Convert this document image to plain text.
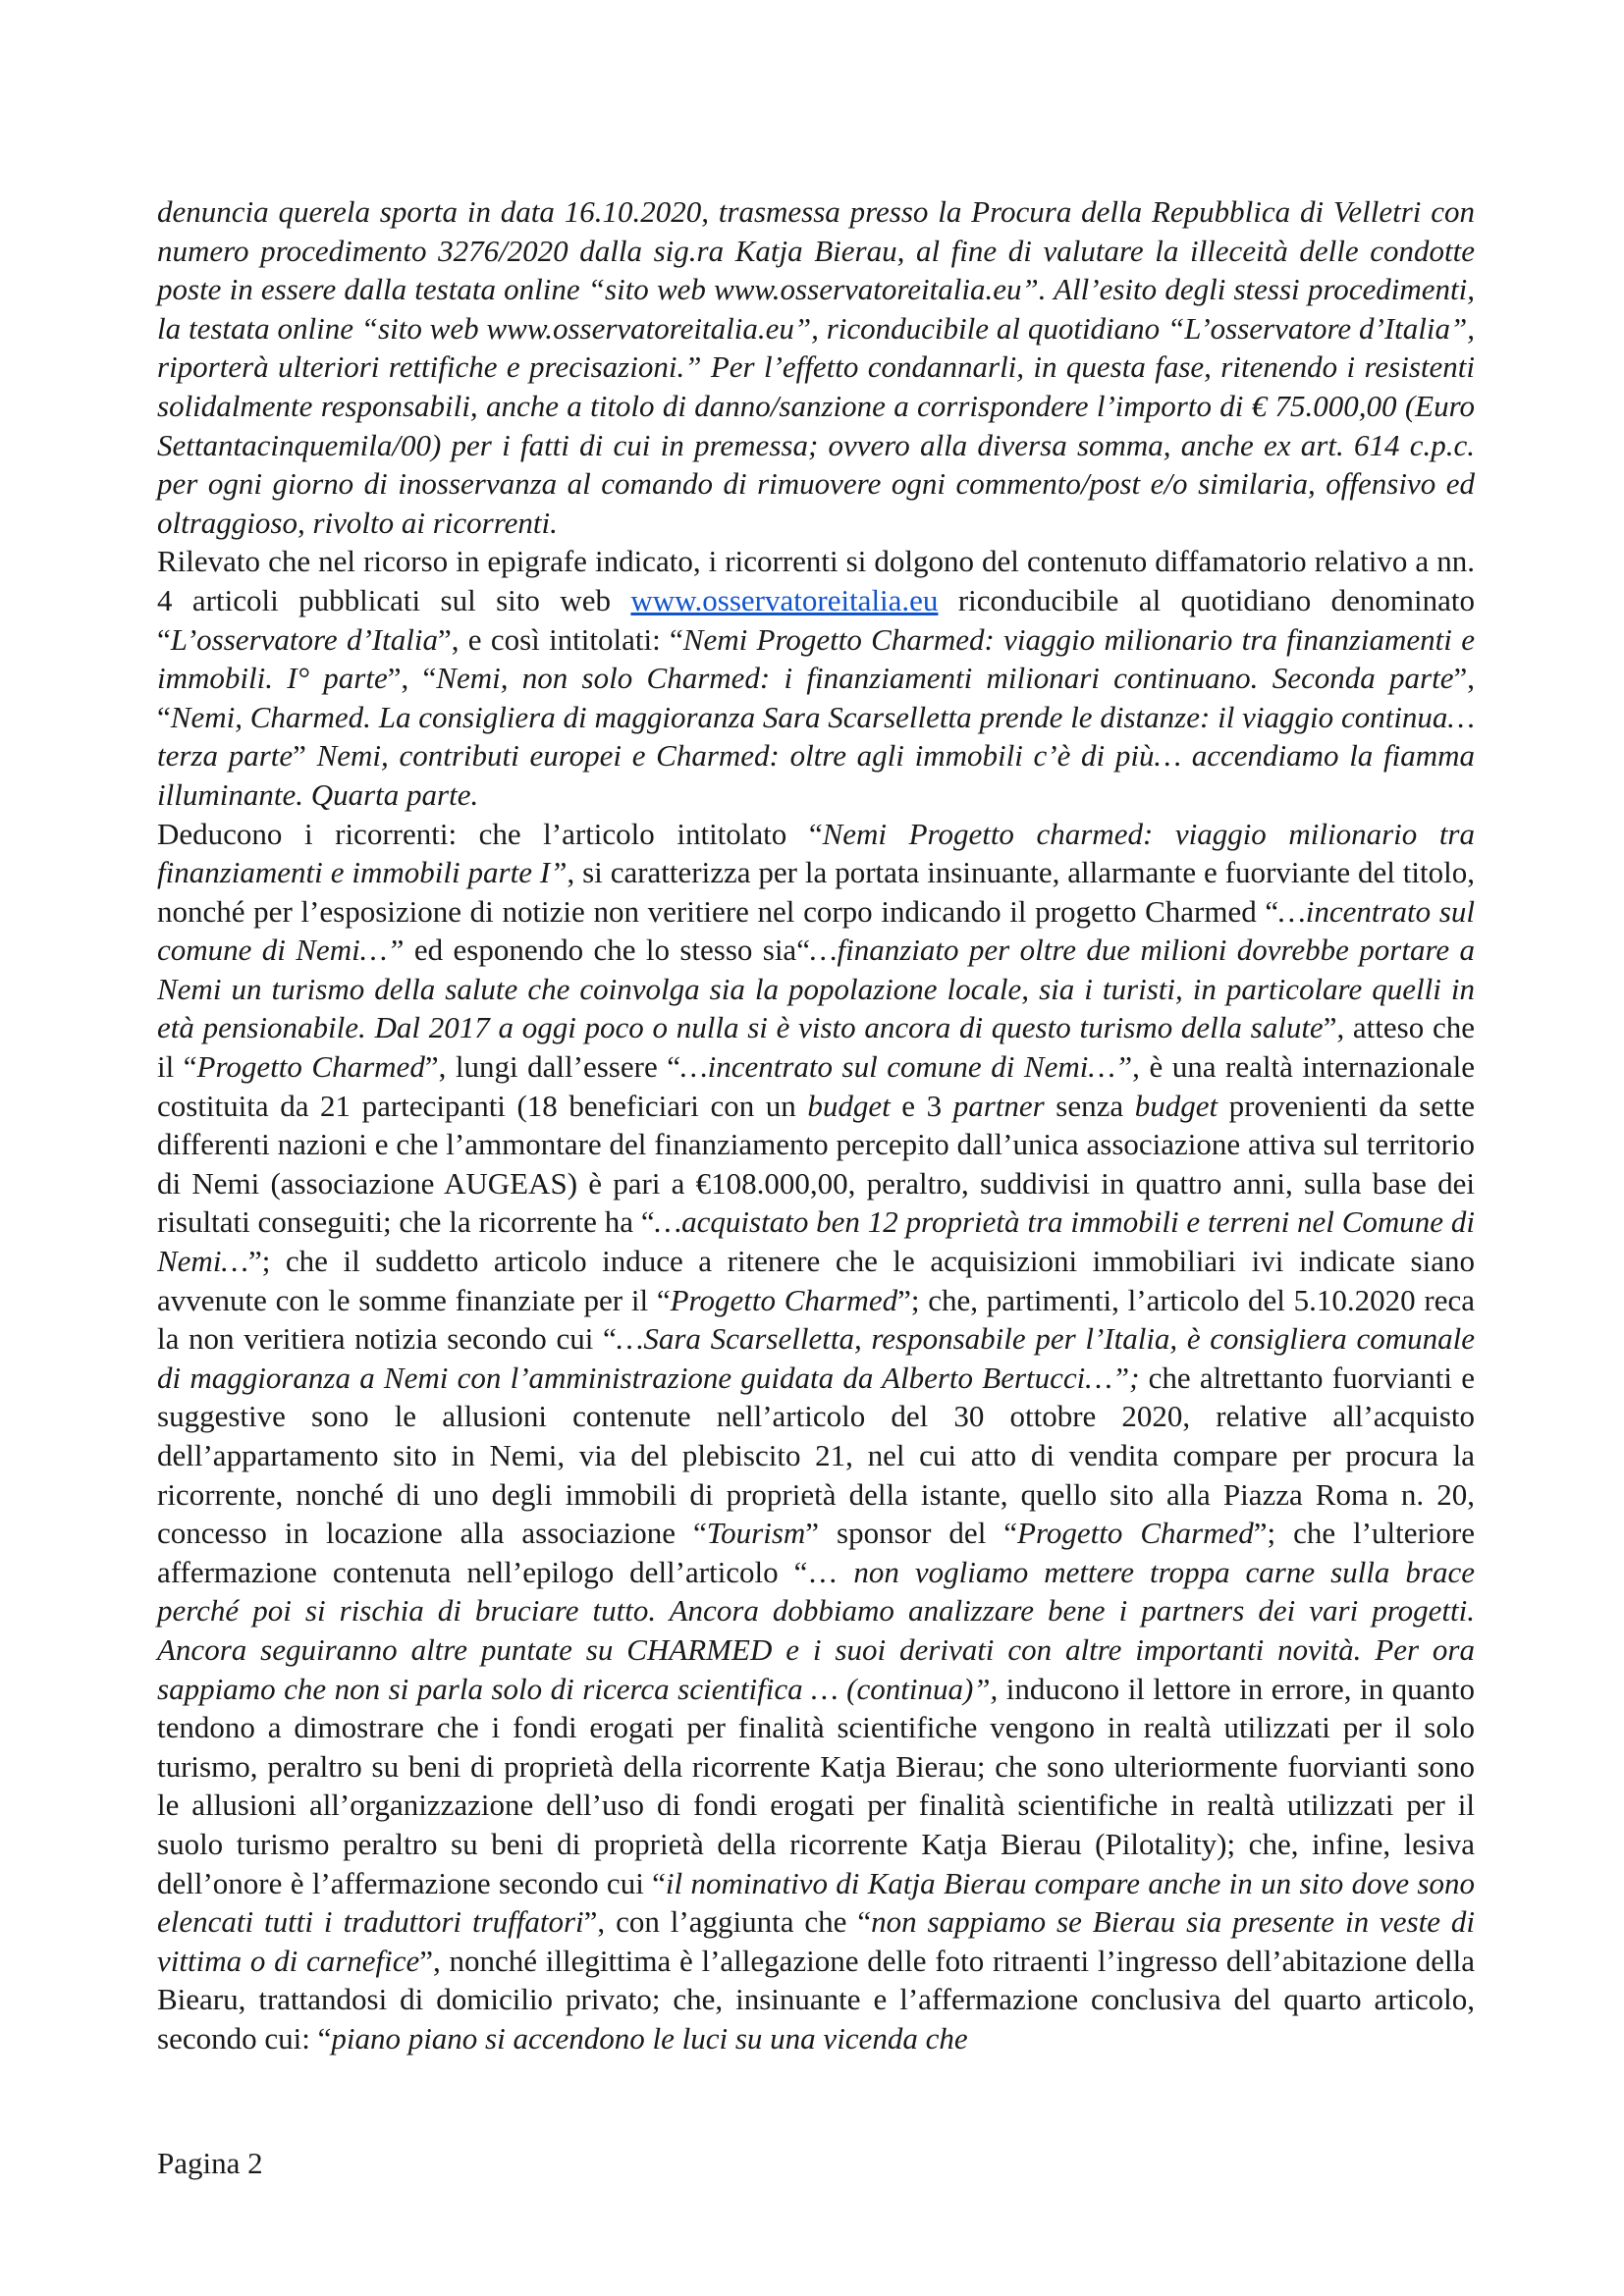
denuncia querela sporta in data 16.10.2020, trasmessa presso la Procura della Repubblica di Velletri con numero procedimento 3276/2020 dalla sig.ra Katja Bierau, al fine di valutare la illeceità delle condotte poste in essere dalla testata online “sito web www.osservatoreitalia.eu”. All’esito degli stessi procedimenti, la testata online “sito web www.osservatoreitalia.eu”, riconducibile al quotidiano “L’osservatore d’Italia”, riporterà ulteriori rettifiche e precisazioni.” Per l’effetto condannarli, in questa fase, ritenendo i resistenti solidalmente responsabili, anche a titolo di danno/sanzione a corrispondere l’importo di € 75.000,00 (Euro Settantacinquemila/00) per i fatti di cui in premessa; ovvero alla diversa somma, anche ex art. 614 c.p.c. per ogni giorno di inosservanza al comando di rimuovere ogni commento/post e/o similaria, offensivo ed oltraggioso, rivolto ai ricorrenti.

Rilevato che nel ricorso in epigrafe indicato, i ricorrenti si dolgono del contenuto diffamatorio relativo a nn. 4 articoli pubblicati sul sito web www.osservatoreitalia.eu riconducibile al quotidiano denominato “L’osservatore d’Italia”, e così intitolati: “Nemi Progetto Charmed: viaggio milionario tra finanziamenti e immobili. I° parte”, “Nemi, non solo Charmed: i finanziamenti milionari continuano. Seconda parte”, “Nemi, Charmed. La consigliera di maggioranza Sara Scarselletta prende le distanze: il viaggio continua… terza parte” Nemi, contributi europei e Charmed: oltre agli immobili c’è di più… accendiamo la fiamma illuminante. Quarta parte.

Deducono i ricorrenti: che l’articolo intitolato “Nemi Progetto charmed: viaggio milionario tra finanziamenti e immobili parte I”, si caratterizza per la portata insinuante, allarmante e fuorviante del titolo, nonché per l’esposizione di notizie non veritiere nel corpo indicando il progetto Charmed “…incentrato sul comune di Nemi…” ed esponendo che lo stesso sia“…finanziato per oltre due milioni dovrebbe portare a Nemi un turismo della salute che coinvolga sia la popolazione locale, sia i turisti, in particolare quelli in età pensionabile. Dal 2017 a oggi poco o nulla si è visto ancora di questo turismo della salute”, atteso che il “Progetto Charmed”, lungi dall’essere “…incentrato sul comune di Nemi…”, è una realtà internazionale costituita da 21 partecipanti (18 beneficiari con un budget e 3 partner senza budget provenienti da sette differenti nazioni e che l’ammontare del finanziamento percepito dall’unica associazione attiva sul territorio di Nemi (associazione AUGEAS) è pari a €108.000,00, peraltro, suddivisi in quattro anni, sulla base dei risultati conseguiti; che la ricorrente ha “…acquistato ben 12 proprietà tra immobili e terreni nel Comune di Nemi…”; che il suddetto articolo induce a ritenere che le acquisizioni immobiliari ivi indicate siano avvenute con le somme finanziate per il “Progetto Charmed”; che, partimenti, l’articolo del 5.10.2020 reca la non veritiera notizia secondo cui “…Sara Scarselletta, responsabile per l’Italia, è consigliera comunale di maggioranza a Nemi con l’amministrazione guidata da Alberto Bertucci…”; che altrettanto fuorvianti e suggestive sono le allusioni contenute nell’articolo del 30 ottobre 2020, relative all’acquisto dell’appartamento sito in Nemi, via del plebiscito 21, nel cui atto di vendita compare per procura la ricorrente, nonché di uno degli immobili di proprietà della istante, quello sito alla Piazza Roma n. 20, concesso in locazione alla associazione “Tourism” sponsor del “Progetto Charmed”; che l’ulteriore affermazione contenuta nell’epilogo dell’articolo “… non vogliamo mettere troppa carne sulla brace perché poi si rischia di bruciare tutto. Ancora dobbiamo analizzare bene i partners dei vari progetti. Ancora seguiranno altre puntate su CHARMED e i suoi derivati con altre importanti novità. Per ora sappiamo che non si parla solo di ricerca scientifica … (continua)”, inducono il lettore in errore, in quanto tendono a dimostrare che i fondi erogati per finalità scientifiche vengono in realtà utilizzati per il solo turismo, peraltro su beni di proprietà della ricorrente Katja Bierau; che sono ulteriormente fuorvianti sono le allusioni all’organizzazione dell’uso di fondi erogati per finalità scientifiche in realtà utilizzati per il suolo turismo peraltro su beni di proprietà della ricorrente Katja Bierau (Pilotality); che, infine, lesiva dell’onore è l’affermazione secondo cui “il nominativo di Katja Bierau compare anche in un sito dove sono elencati tutti i traduttori truffatori”, con l’aggiunta che “non sappiamo se Bierau sia presente in veste di vittima o di carnefice”, nonché illegittima è l’allegazione delle foto ritraenti l’ingresso dell’abitazione della Biearu, trattandosi di domicilio privato; che, insinuante e l’affermazione conclusiva del quarto articolo, secondo cui: “piano piano si accendono le luci su una vicenda che

Pagina 2
